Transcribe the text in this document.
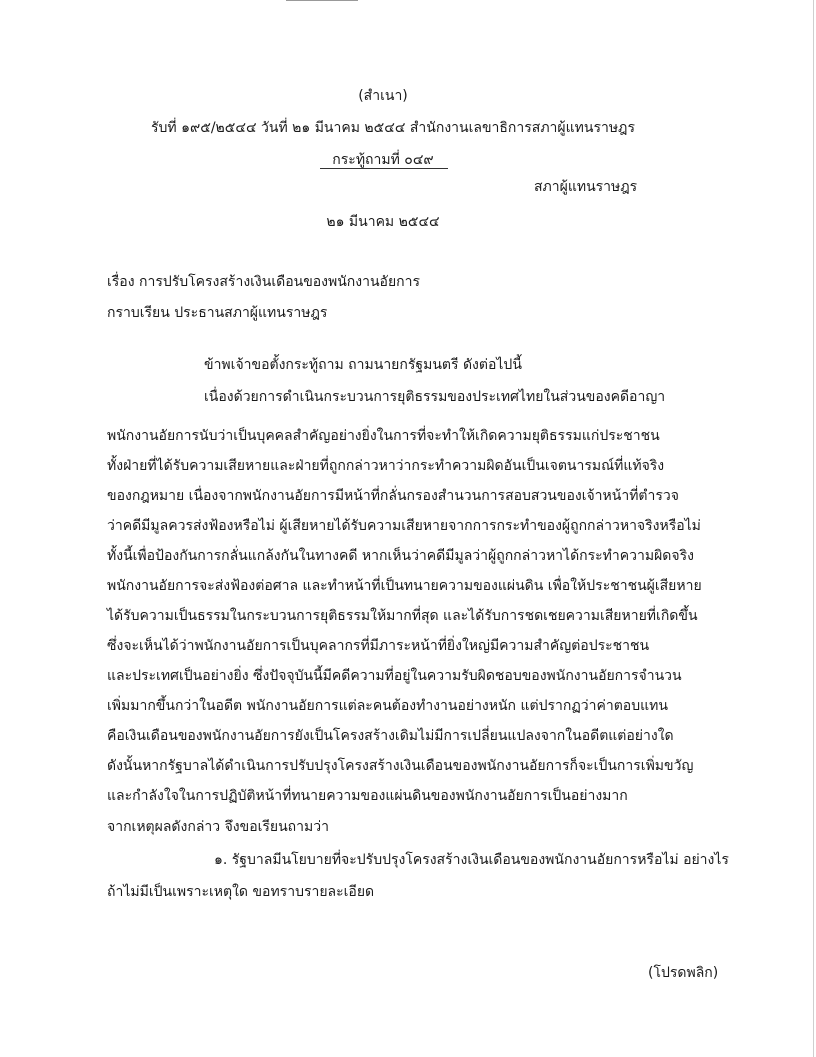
(สำเนา)
รับที่ ๑๙๕/๒๕๔๔ วันที่ ๒๑ มีนาคม ๒๕๔๔ สำนักงานเลขาธิการสภาผู้แทนราษฎร
กระทู้ถามที่ ๐๔๙
สภาผู้แทนราษฎร
๒๑ มีนาคม ๒๕๔๔
เรื่อง การปรับโครงสร้างเงินเดือนของพนักงานอัยการ
กราบเรียน ประธานสภาผู้แทนราษฎร
ข้าพเจ้าขอตั้งกระทู้ถาม ถามนายกรัฐมนตรี ดังต่อไปนี้
เนื่องด้วยการดำเนินกระบวนการยุติธรรมของประเทศไทยในส่วนของคดีอาญา
พนักงานอัยการนับว่าเป็นบุคคลสำคัญอย่างยิ่งในการที่จะทำให้เกิดความยุติธรรมแก่ประชาชน
ทั้งฝ่ายที่ได้รับความเสียหายและฝ่ายที่ถูกกล่าวหาว่ากระทำความผิดอันเป็นเจตนารมณ์ที่แท้จริง
ของกฎหมาย เนื่องจากพนักงานอัยการมีหน้าที่กลั่นกรองสำนวนการสอบสวนของเจ้าหน้าที่ตำรวจ
ว่าคดีมีมูลควรส่งฟ้องหรือไม่ ผู้เสียหายได้รับความเสียหายจากการกระทำของผู้ถูกกล่าวหาจริงหรือไม่
ทั้งนี้เพื่อป้องกันการกลั่นแกล้งกันในทางคดี หากเห็นว่าคดีมีมูลว่าผู้ถูกกล่าวหาได้กระทำความผิดจริง
พนักงานอัยการจะส่งฟ้องต่อศาล และทำหน้าที่เป็นทนายความของแผ่นดิน เพื่อให้ประชาชนผู้เสียหาย
ได้รับความเป็นธรรมในกระบวนการยุติธรรมให้มากที่สุด และได้รับการชดเชยความเสียหายที่เกิดขึ้น
ซึ่งจะเห็นได้ว่าพนักงานอัยการเป็นบุคลากรที่มีภาระหน้าที่ยิ่งใหญ่มีความสำคัญต่อประชาชน
และประเทศเป็นอย่างยิ่ง ซึ่งปัจจุบันนี้มีคดีความที่อยู่ในความรับผิดชอบของพนักงานอัยการจำนวน
เพิ่มมากขึ้นกว่าในอดีต พนักงานอัยการแต่ละคนต้องทำงานอย่างหนัก แต่ปรากฏว่าค่าตอบแทน
คือเงินเดือนของพนักงานอัยการยังเป็นโครงสร้างเดิมไม่มีการเปลี่ยนแปลงจากในอดีตแต่อย่างใด
ดังนั้นหากรัฐบาลได้ดำเนินการปรับปรุงโครงสร้างเงินเดือนของพนักงานอัยการก็จะเป็นการเพิ่มขวัญ
และกำลังใจในการปฏิบัติหน้าที่ทนายความของแผ่นดินของพนักงานอัยการเป็นอย่างมาก
จากเหตุผลดังกล่าว จึงขอเรียนถามว่า
๑. รัฐบาลมีนโยบายที่จะปรับปรุงโครงสร้างเงินเดือนของพนักงานอัยการหรือไม่ อย่างไร
ถ้าไม่มีเป็นเพราะเหตุใด ขอทราบรายละเอียด
(โปรดพลิก)
